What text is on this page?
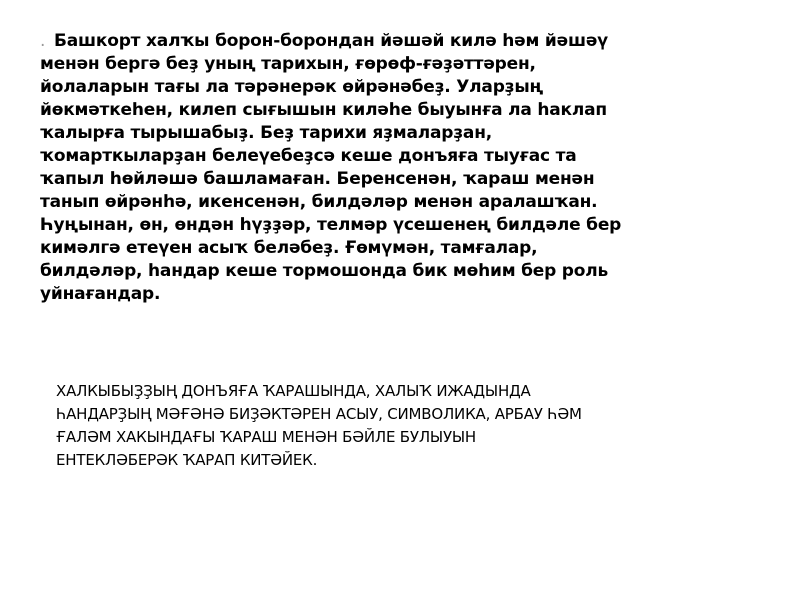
. Башкорт халҡы борон-борондан йәшәй килә һәм йәшәү
менән бергә беҙ уның тарихын, ғөрөф-ғәҙәттәрен,
йолаларын тағы ла тәрәнерәк өйрәнәбеҙ. Уларҙың
йөкмәткеһен, килеп сығышын киләһе быуынға ла һаклап
ҡалырға тырышабыҙ. Беҙ тарихи яҙмаларҙан,
ҡомарткыларҙан белеүебеҙсә кеше донъяға тыуғас та
ҡапыл һөйләшә башламаған. Беренсенән, ҡараш менән
танып өйрәнһә, икенсенән, билдәләр менән аралашҡан.
Һуңынан, өн, өндән һүҙҙәр, телмәр үсешенең билдәле бер
кимәлгә етеүен асыҡ беләбеҙ. Ғөмүмән, тамғалар,
билдәләр, һандар кеше тормошонда бик мөһим бер роль
уйнағандар.
ХАЛКЫБЫҘҘЫҢ ДОНЪЯҒА ҠАРАШЫНДА, ХАЛЫҠ ИЖАДЫНДА
ҺАНДАРҘЫҢ МӘҒӘНӘ БИҘӘКТӘРЕН АСЫУ, СИМВОЛИКА, АРБАУ ҺӘМ
ҒАЛӘМ ХАКЫНДАҒЫ ҠАРАШ МЕНӘН БӘЙЛЕ БУЛЫУЫН
ЕНТЕКЛӘБЕРӘК ҠАРАП КИТӘЙЕК.
